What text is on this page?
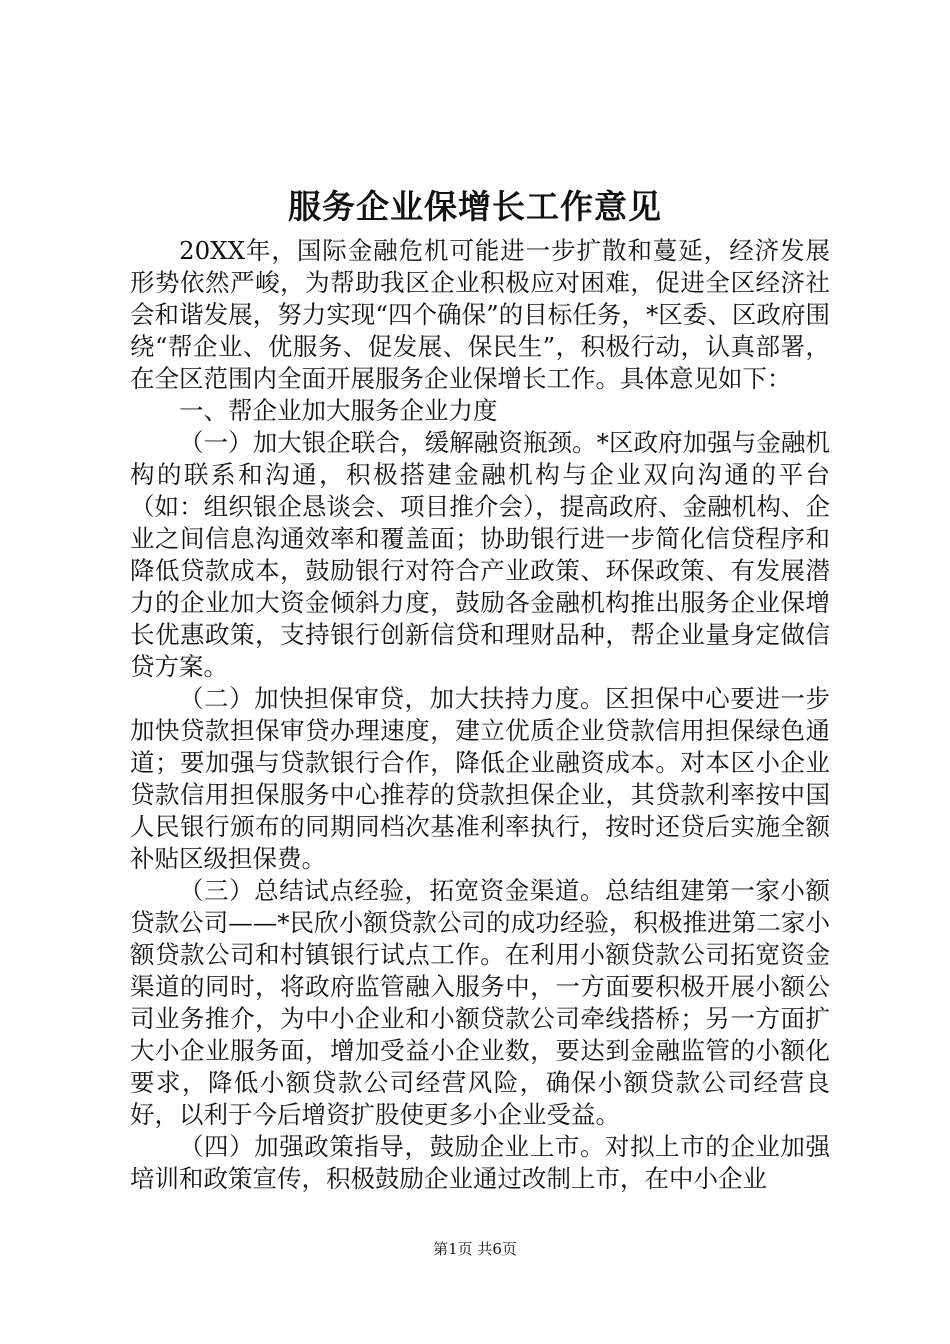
服务企业保增长工作意见

20XX年，国际金融危机可能进一步扩散和蔓延，经济发展形势依然严峻，为帮助我区企业积极应对困难，促进全区经济社会和谐发展，努力实现“四个确保”的目标任务，*区委、区政府围绕“帮企业、优服务、促发展、保民生”，积极行动，认真部署，在全区范围内全面开展服务企业保增长工作。具体意见如下：

一、帮企业加大服务企业力度

（一）加大银企联合，缓解融资瓶颈。*区政府加强与金融机构的联系和沟通，积极搭建金融机构与企业双向沟通的平台（如：组织银企恳谈会、项目推介会），提高政府、金融机构、企业之间信息沟通效率和覆盖面；协助银行进一步简化信贷程序和降低贷款成本，鼓励银行对符合产业政策、环保政策、有发展潜力的企业加大资金倾斜力度，鼓励各金融机构推出服务企业保增长优惠政策，支持银行创新信贷和理财品种，帮企业量身定做信贷方案。

（二）加快担保审贷，加大扶持力度。区担保中心要进一步加快贷款担保审贷办理速度，建立优质企业贷款信用担保绿色通道；要加强与贷款银行合作，降低企业融资成本。对本区小企业贷款信用担保服务中心推荐的贷款担保企业，其贷款利率按中国人民银行颁布的同期同档次基准利率执行，按时还贷后实施全额补贴区级担保费。

（三）总结试点经验，拓宽资金渠道。总结组建第一家小额贷款公司——*民欣小额贷款公司的成功经验，积极推进第二家小额贷款公司和村镇银行试点工作。在利用小额贷款公司拓宽资金渠道的同时，将政府监管融入服务中，一方面要积极开展小额公司业务推介，为中小企业和小额贷款公司牵线搭桥；另一方面扩大小企业服务面，增加受益小企业数，要达到金融监管的小额化要求，降低小额贷款公司经营风险，确保小额贷款公司经营良好，以利于今后增资扩股使更多小企业受益。

（四）加强政策指导，鼓励企业上市。对拟上市的企业加强培训和政策宣传，积极鼓励企业通过改制上市，在中小企业

第1页 共6页
